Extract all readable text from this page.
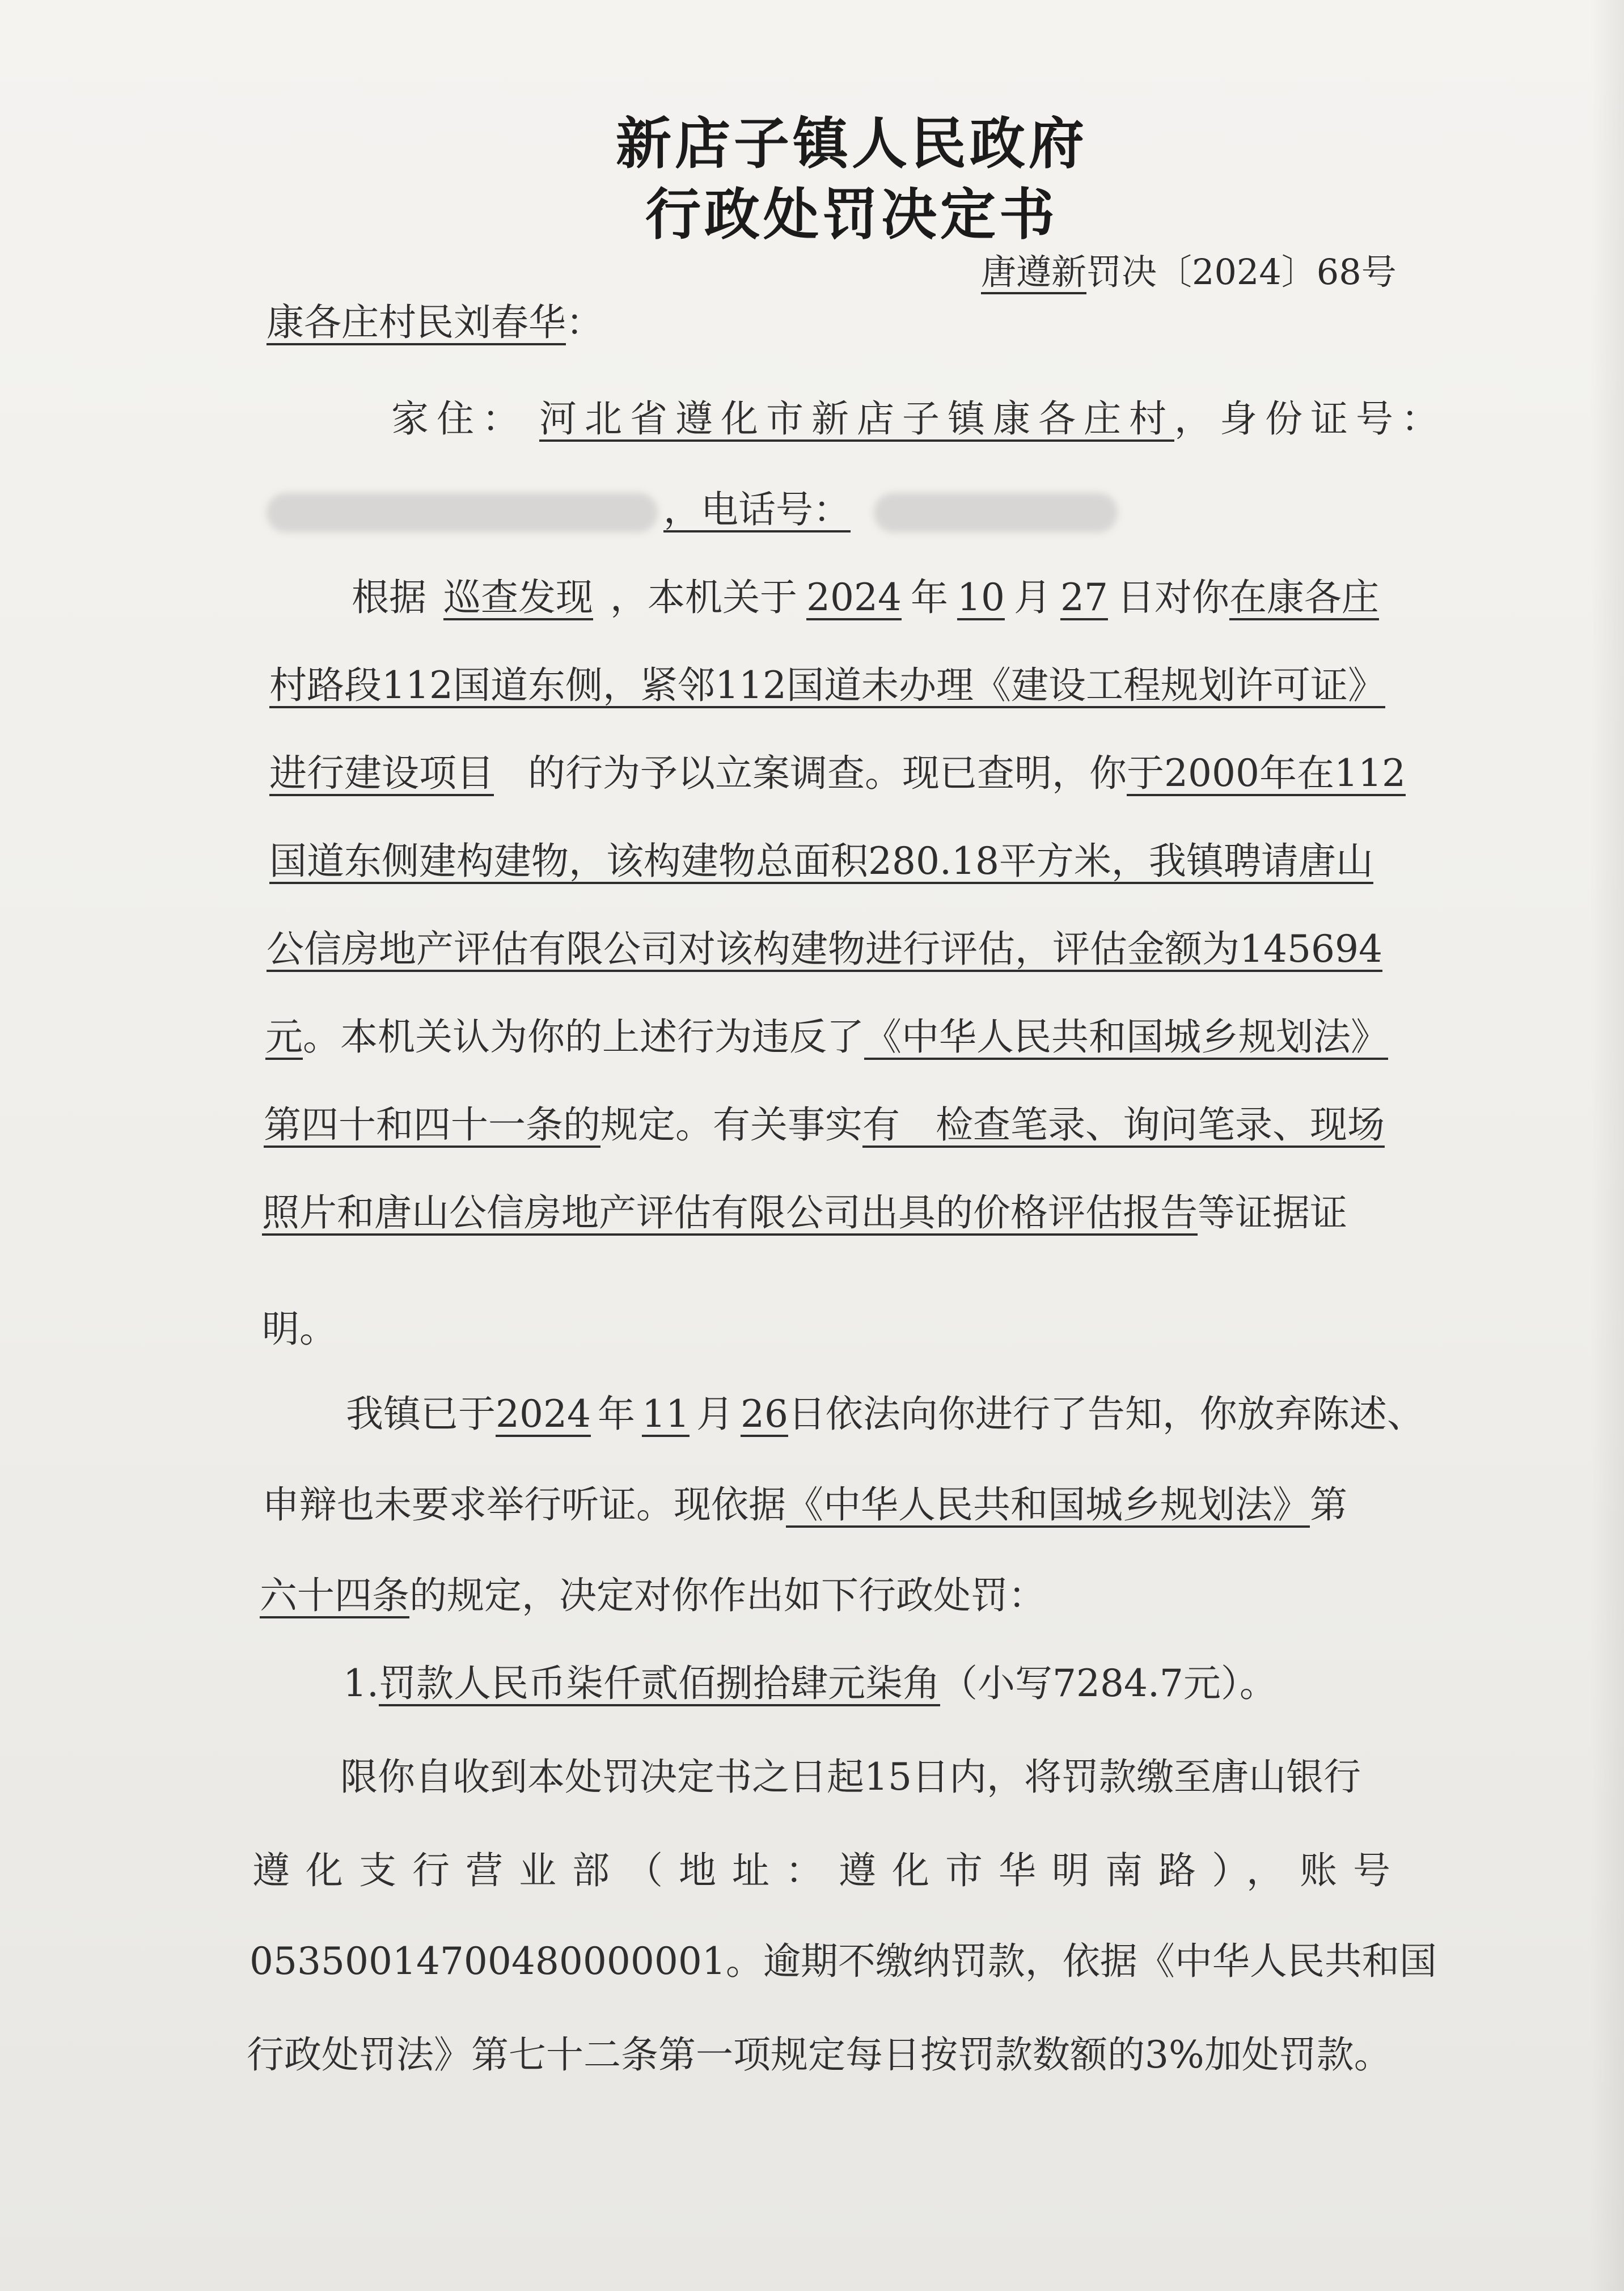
新店子镇人民政府
行政处罚决定书
唐遵新罚决〔2024〕68号
康各庄村民刘春华：
家住： 河北省遵化市新店子镇康各庄村，身份证号：
，电话号：
根据 巡查发现 ，本机关于 2024 年 10 月 27 日对你在康各庄
村路段112国道东侧，紧邻112国道未办理《建设工程规划许可证》
进行建设项目 的行为予以立案调查。现已查明，你于2000年在112
国道东侧建构建物，该构建物总面积280.18平方米，我镇聘请唐山
公信房地产评估有限公司对该构建物进行评估，评估金额为145694
元。本机关认为你的上述行为违反了《中华人民共和国城乡规划法》
第四十和四十一条的规定。有关事实有   检查笔录、询问笔录、现场
照片和唐山公信房地产评估有限公司出具的价格评估报告等证据证
明。
我镇已于2024 年 11 月 26日依法向你进行了告知，你放弃陈述、
申辩也未要求举行听证。现依据《中华人民共和国城乡规划法》第
六十四条的规定，决定对你作出如下行政处罚：
1.罚款人民币柒仟贰佰捌拾肆元柒角（小写7284.7元）。
限你自收到本处罚决定书之日起15日内，将罚款缴至唐山银行
遵化支行营业部（地址：遵化市华明南路），账号
05350014700480000001。逾期不缴纳罚款，依据《中华人民共和国
行政处罚法》第七十二条第一项规定每日按罚款数额的3%加处罚款。
